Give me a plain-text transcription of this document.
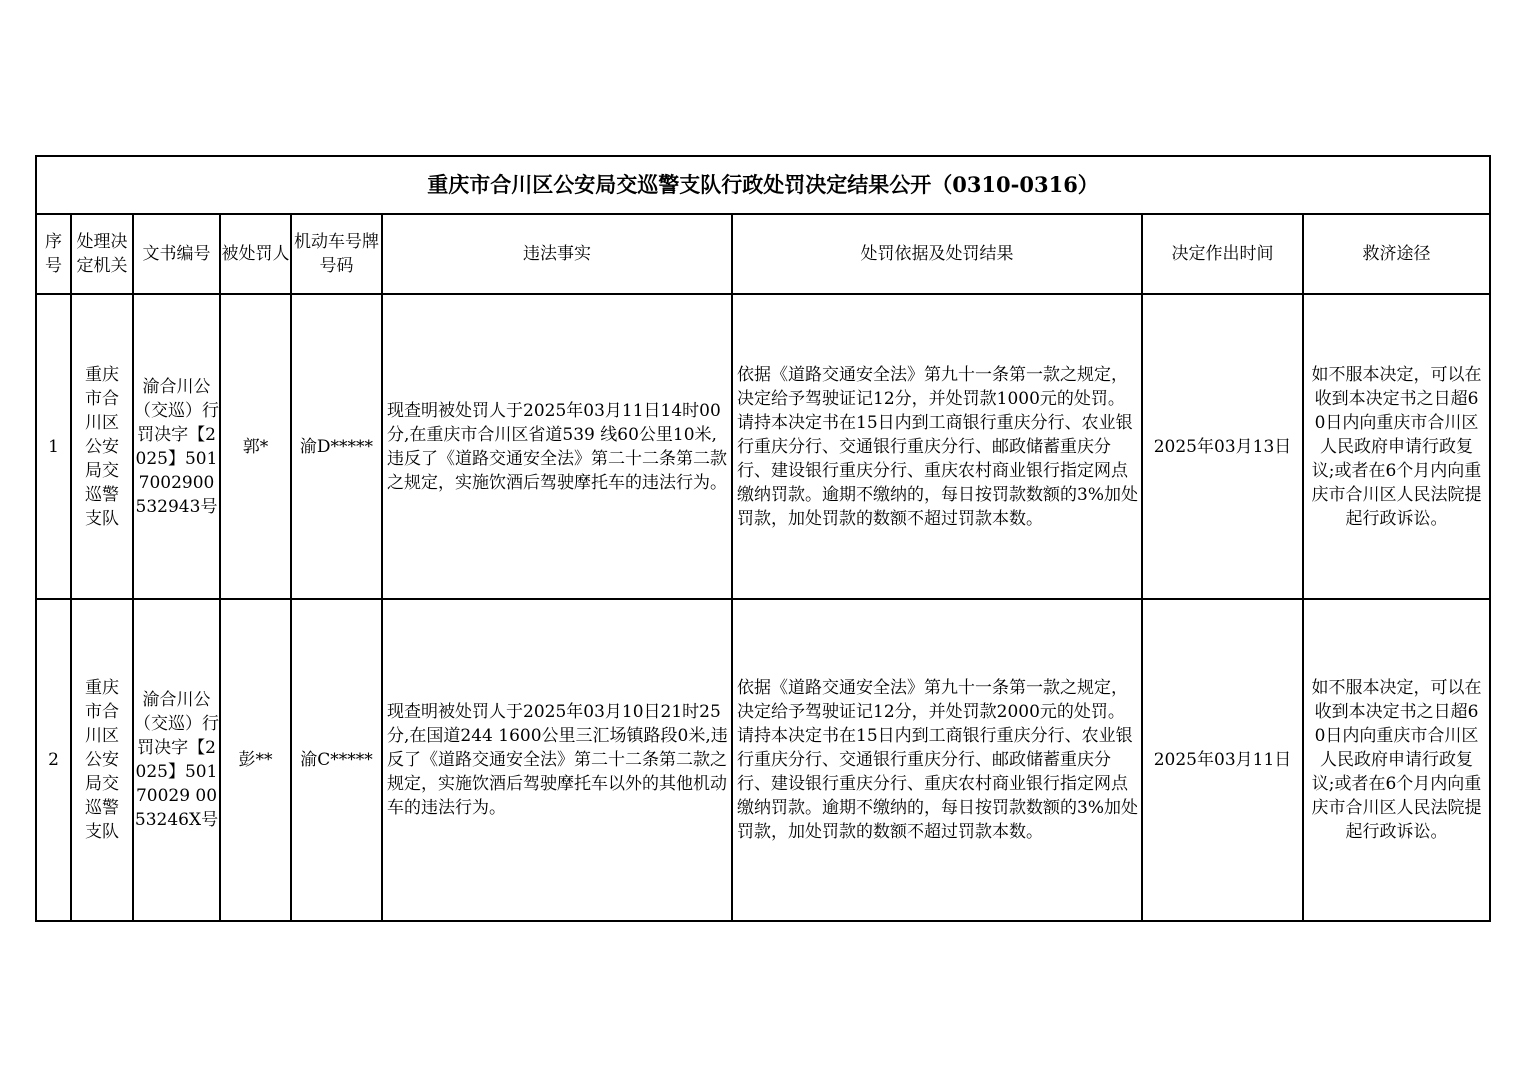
重庆市合川区公安局交巡警支队行政处罚决定结果公开（0310-0316）								
序号	处理决定机关	文书编号	被处罚人	机动车号牌号码	违法事实	处罚依据及处罚结果	决定作出时间	救济途径
1	重庆市合川区公安局交巡警支队	渝合川公（交巡）行罚决字【2025】5017002900532943号	郭*	渝D*****	现查明被处罚人于2025年03月11日14时00分,在重庆市合川区省道539 线60公里10米,违反了《道路交通安全法》第二十二条第二款之规定，实施饮酒后驾驶摩托车的违法行为。	依据《道路交通安全法》第九十一条第一款之规定，决定给予驾驶证记12分，并处罚款1000元的处罚。请持本决定书在15日内到工商银行重庆分行、农业银行重庆分行、交通银行重庆分行、邮政储蓄重庆分行、建设银行重庆分行、重庆农村商业银行指定网点缴纳罚款。逾期不缴纳的，每日按罚款数额的3%加处罚款，加处罚款的数额不超过罚款本数。	2025年03月13日	如不服本决定，可以在收到本决定书之日超60日内向重庆市合川区人民政府申请行政复议;或者在6个月内向重庆市合川区人民法院提起行政诉讼。
2	重庆市合川区公安局交巡警支队	渝合川公（交巡）行罚决字【2025】50170029 0053246X号	彭**	渝C*****	现查明被处罚人于2025年03月10日21时25分,在国道244 1600公里三汇场镇路段0米,违反了《道路交通安全法》第二十二条第二款之规定，实施饮酒后驾驶摩托车以外的其他机动车的违法行为。	依据《道路交通安全法》第九十一条第一款之规定，决定给予驾驶证记12分，并处罚款2000元的处罚。请持本决定书在15日内到工商银行重庆分行、农业银行重庆分行、交通银行重庆分行、邮政储蓄重庆分行、建设银行重庆分行、重庆农村商业银行指定网点缴纳罚款。逾期不缴纳的，每日按罚款数额的3%加处罚款，加处罚款的数额不超过罚款本数。	2025年03月11日	如不服本决定，可以在收到本决定书之日超60日内向重庆市合川区人民政府申请行政复议;或者在6个月内向重庆市合川区人民法院提起行政诉讼。
